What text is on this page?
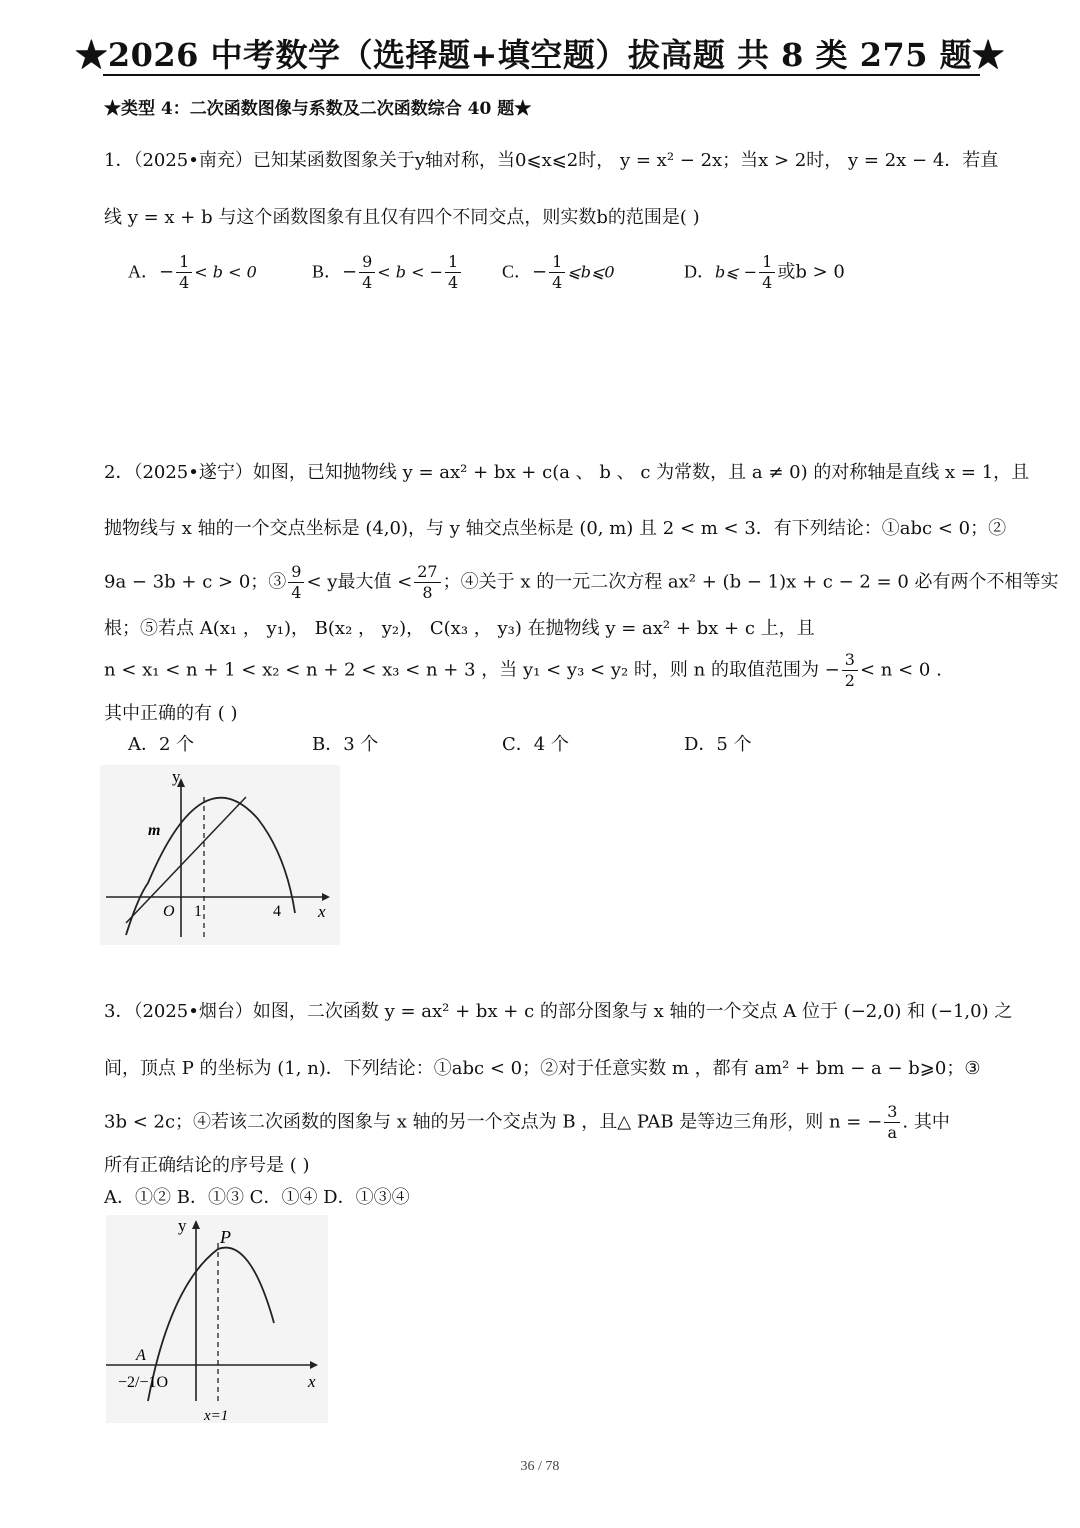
★2026 中考数学（选择题+填空题）拔高题 共 8 类 275 题★
★类型 4：二次函数图像与系数及二次函数综合 40 题★
1．（2025•南充）已知某函数图象关于y轴对称，当0⩽x⩽2时， y = x² − 2x；当x > 2时， y = 2x − 4．若直
线 y = x + b 与这个函数图象有且仅有四个不同交点，则实数b的范围是( )
A．− $\frac{1}{4} < b < 0$	B．− $\frac{9}{4} < b$ < − $\frac{1}{4}$ C．− $\frac{1}{4}$ ⩽b⩽0	D．b⩽ − $\frac{1}{4}$ 或b > 0
2．（2025•遂宁）如图，已知抛物线 y = ax² + bx + c(a 、 b 、 c 为常数，且 a ≠ 0) 的对称轴是直线 x = 1，且
抛物线与 x 轴的一个交点坐标是 (4,0)，与 y 轴交点坐标是 (0, m) 且 2 < m < 3．有下列结论：①abc < 0；②
9a − 3b + c > 0；③ $\frac{9}{4} < y$最大值 < $\frac{27}{8}$ ；④关于 x 的一元二次方程 ax² + (b − 1)x + c − 2 = 0 必有两个不相等实
根；⑤若点 A(x₁ ， y₁)， B(x₂ ， y₂)， C(x₃ ， y₃) 在抛物线 y = ax² + bx + c 上，且
n < x₁ < n + 1 < x₂ < n + 2 < x₃ < n + 3 ，当 y₁ < y₃ < y₂ 时，则 n 的取值范围为 − $\frac{3}{2} < n < 0$ .
其中正确的有 ( )
A．2 个	B．3 个	C．4 个	D．5 个
y
x
m
O 1	4
3．（2025•烟台）如图，二次函数 y = ax² + bx + c 的部分图象与 x 轴的一个交点 A 位于 (−2,0) 和 (−1,0) 之
间，顶点 P 的坐标为 (1, n)．下列结论：①abc < 0；②对于任意实数 m ，都有 am² + bm − a − b⩾0；③
3b < 2c；④若该二次函数的图象与 x 轴的另一个交点为 B ，且△ PAB 是等边三角形，则 n = − $\frac{3}{a}$ . 其中
所有正确结论的序号是 ( )
A．①② B．①③ C．①④ D．①③④
y
x
P
A
−2/−1O
x=1
36 / 78
